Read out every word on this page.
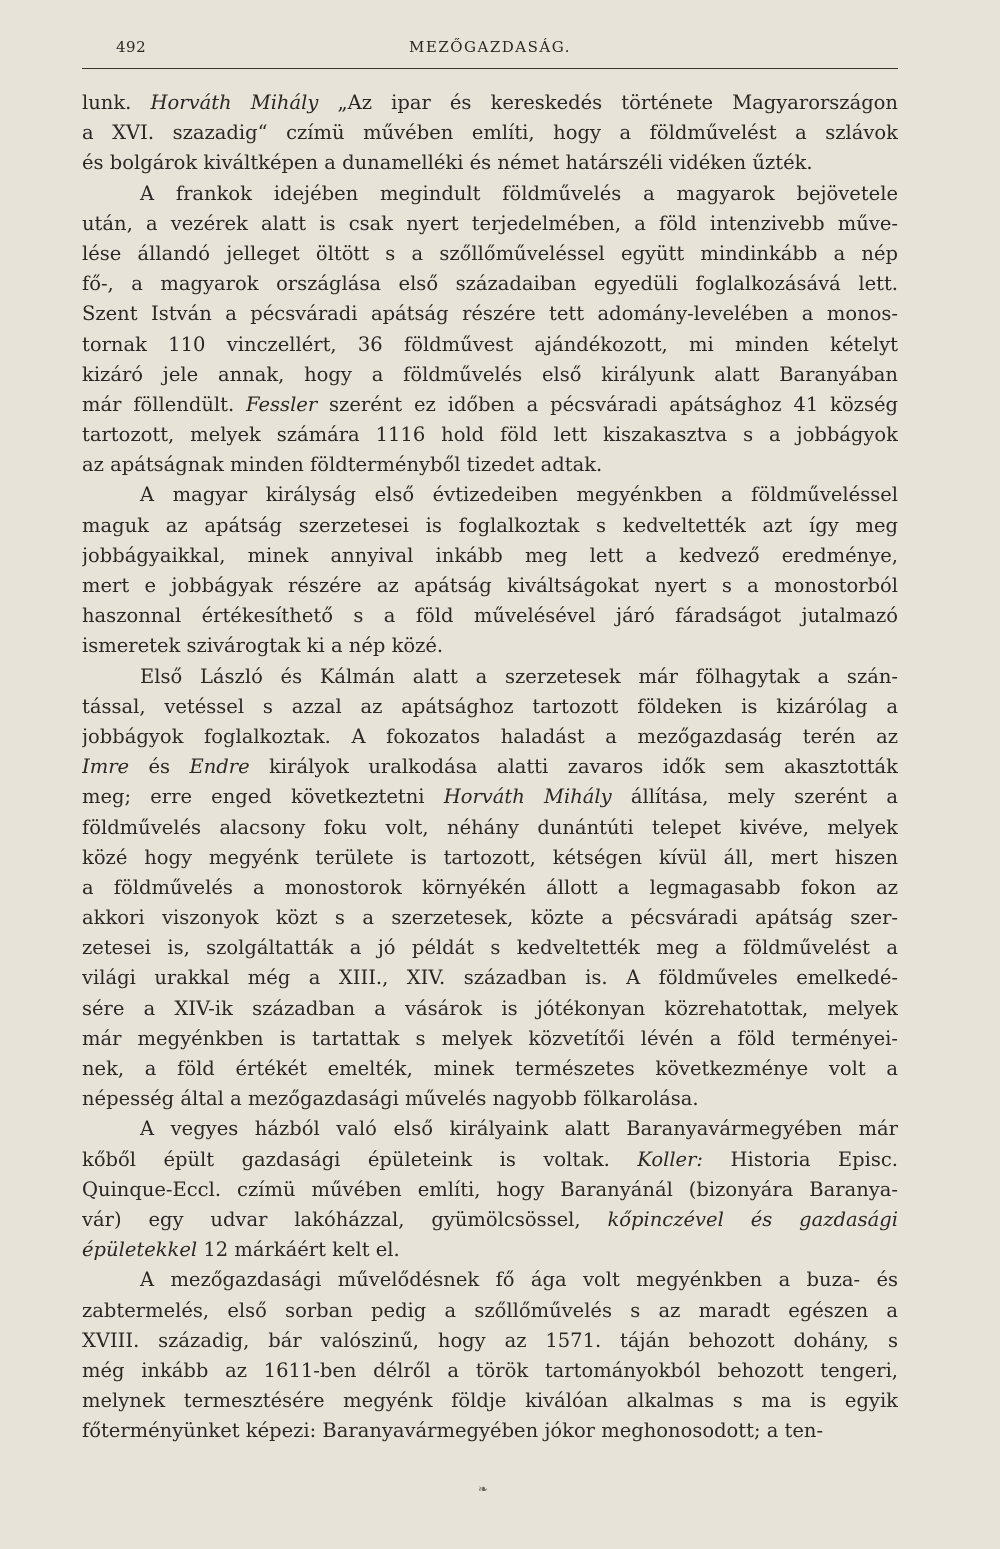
492	MEZŐGAZDASÁG.
lunk. Horváth Mihály „Az ipar és kereskedés története Magyarországon
a XVI. szazadig“ czímü művében említi, hogy a földművelést a szlávok
és bolgárok kiváltképen a dunamelléki és német határszéli vidéken űzték.
A frankok idejében megindult földművelés a magyarok bejövetele
után, a vezérek alatt is csak nyert terjedelmében, a föld intenzivebb műve-
lése állandó jelleget öltött s a szőllőműveléssel együtt mindinkább a nép
fő-, a magyarok országlása első századaiban egyedüli foglalkozásává lett.
Szent István a pécsváradi apátság részére tett adomány-levelében a monos-
tornak 110 vinczellért, 36 földművest ajándékozott, mi minden kételyt
kizáró jele annak, hogy a földművelés első királyunk alatt Baranyában
már föllendült. Fessler szerént ez időben a pécsváradi apátsághoz 41 község
tartozott, melyek számára 1116 hold föld lett kiszakasztva s a jobbágyok
az apátságnak minden földterményből tizedet adtak.
A magyar királyság első évtizedeiben megyénkben a földműveléssel
maguk az apátság szerzetesei is foglalkoztak s kedveltették azt így meg
jobbágyaikkal, minek annyival inkább meg lett a kedvező eredménye,
mert e jobbágyak részére az apátság kiváltságokat nyert s a monostorból
haszonnal értékesíthető s a föld művelésével járó fáradságot jutalmazó
ismeretek szivárogtak ki a nép közé.
Első László és Kálmán alatt a szerzetesek már fölhagytak a szán-
tással, vetéssel s azzal az apátsághoz tartozott földeken is kizárólag a
jobbágyok foglalkoztak. A fokozatos haladást a mezőgazdaság terén az
Imre és Endre királyok uralkodása alatti zavaros idők sem akasztották
meg; erre enged következtetni Horváth Mihály állítása, mely szerént a
földművelés alacsony foku volt, néhány dunántúti telepet kivéve, melyek
közé hogy megyénk területe is tartozott, kétségen kívül áll, mert hiszen
a földművelés a monostorok környékén állott a legmagasabb fokon az
akkori viszonyok közt s a szerzetesek, közte a pécsváradi apátság szer-
zetesei is, szolgáltatták a jó példát s kedveltették meg a földművelést a
világi urakkal még a XIII., XIV. században is. A földműveles emelkedé-
sére a XIV-ik században a vásárok is jótékonyan közrehatottak, melyek
már megyénkben is tartattak s melyek közvetítői lévén a föld terményei-
nek, a föld értékét emelték, minek természetes következménye volt a
népesség által a mezőgazdasági művelés nagyobb fölkarolása.
A vegyes házból való első királyaink alatt Baranyavármegyében már
kőből épült gazdasági épületeink is voltak. Koller: Historia Episc.
Quinque-Eccl. czímü művében említi, hogy Baranyánál (bizonyára Baranya-
vár) egy udvar lakóházzal, gyümölcsössel, kőpinczével és gazdasági
épületekkel 12 márkáért kelt el.
A mezőgazdasági művelődésnek fő ága volt megyénkben a buza- és
zabtermelés, első sorban pedig a szőllőművelés s az maradt egészen a
XVIII. századig, bár valószinű, hogy az 1571. táján behozott dohány, s
még inkább az 1611-ben délről a török tartományokból behozott tengeri,
melynek termesztésére megyénk földje kiválóan alkalmas s ma is egyik
főterményünket képezi: Baranyavármegyében jókor meghonosodott; a ten-
❧
